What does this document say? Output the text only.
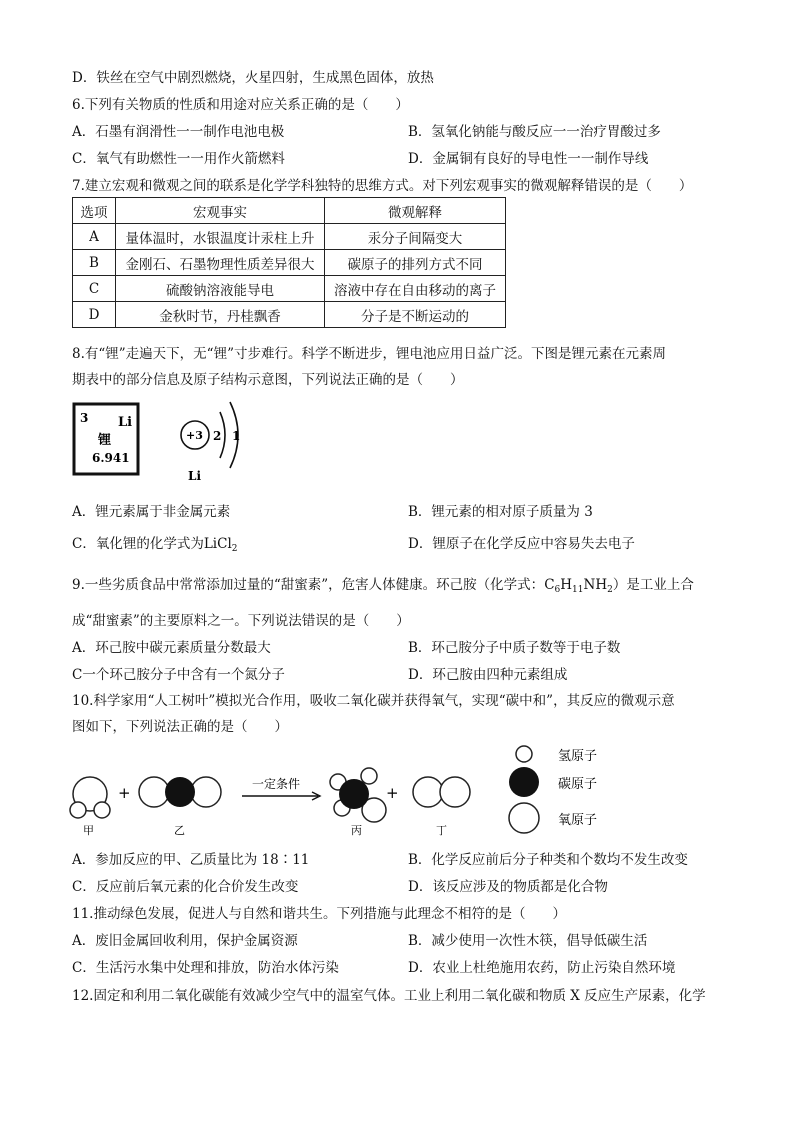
D．铁丝在空气中剧烈燃烧，火星四射，生成黑色固体，放热
6.下列有关物质的性质和用途对应关系正确的是（　　）
A．石墨有润滑性一一制作电池电极	B．氢氧化钠能与酸反应一一治疗胃酸过多
C．氧气有助燃性一一用作火箭燃料	D．金属铜有良好的导电性一一制作导线
7.建立宏观和微观之间的联系是化学学科独特的思维方式。对下列宏观事实的微观解释错误的是（　　）
选项	宏观事实	微观解释
A	量体温时，水银温度计汞柱上升	汞分子间隔变大
B	金刚石、石墨物理性质差异很大	碳原子的排列方式不同
C	硫酸钠溶液能导电	溶液中存在自由移动的离子
D	金秋时节，丹桂飘香	分子是不断运动的
8.有“锂”走遍天下，无“锂”寸步难行。科学不断进步，锂电池应用日益广泛。下图是锂元素在元素周
期表中的部分信息及原子结构示意图，下列说法正确的是（　　）
3 Li
锂
6.941
+3 2 1
Li
A．锂元素属于非金属元素	B．锂元素的相对原子质量为 3
C．氧化锂的化学式为LiCl$_2$	D．锂原子在化学反应中容易失去电子
9.一些劣质食品中常常添加过量的“甜蜜素”，危害人体健康。环己胺（化学式：$C_6H_{11}NH_2$）是工业上合
成“甜蜜素”的主要原料之一。下列说法错误的是（　　）
A．环己胺中碳元素质量分数最大	B．环己胺分子中质子数等于电子数
C一个环己胺分子中含有一个氮分子	D．环己胺由四种元素组成
10.科学家用“人工树叶”模拟光合作用，吸收二氧化碳并获得氧气，实现“碳中和”，其反应的微观示意
图如下，下列说法正确的是（　　）
甲
+
乙
一定条件
丙
+
丁
氢原子
碳原子
氧原子
A．参加反应的甲、乙质量比为 18∶11	B．化学反应前后分子种类和个数均不发生改变
C．反应前后氧元素的化合价发生改变	D．该反应涉及的物质都是化合物
11.推动绿色发展，促进人与自然和谐共生。下列措施与此理念不相符的是（　　）
A．废旧金属回收利用，保护金属资源	B．减少使用一次性木筷，倡导低碳生活
C．生活污水集中处理和排放，防治水体污染	D．农业上杜绝施用农药，防止污染自然环境
12.固定和利用二氧化碳能有效减少空气中的温室气体。工业上利用二氧化碳和物质 X 反应生产尿素，化学
